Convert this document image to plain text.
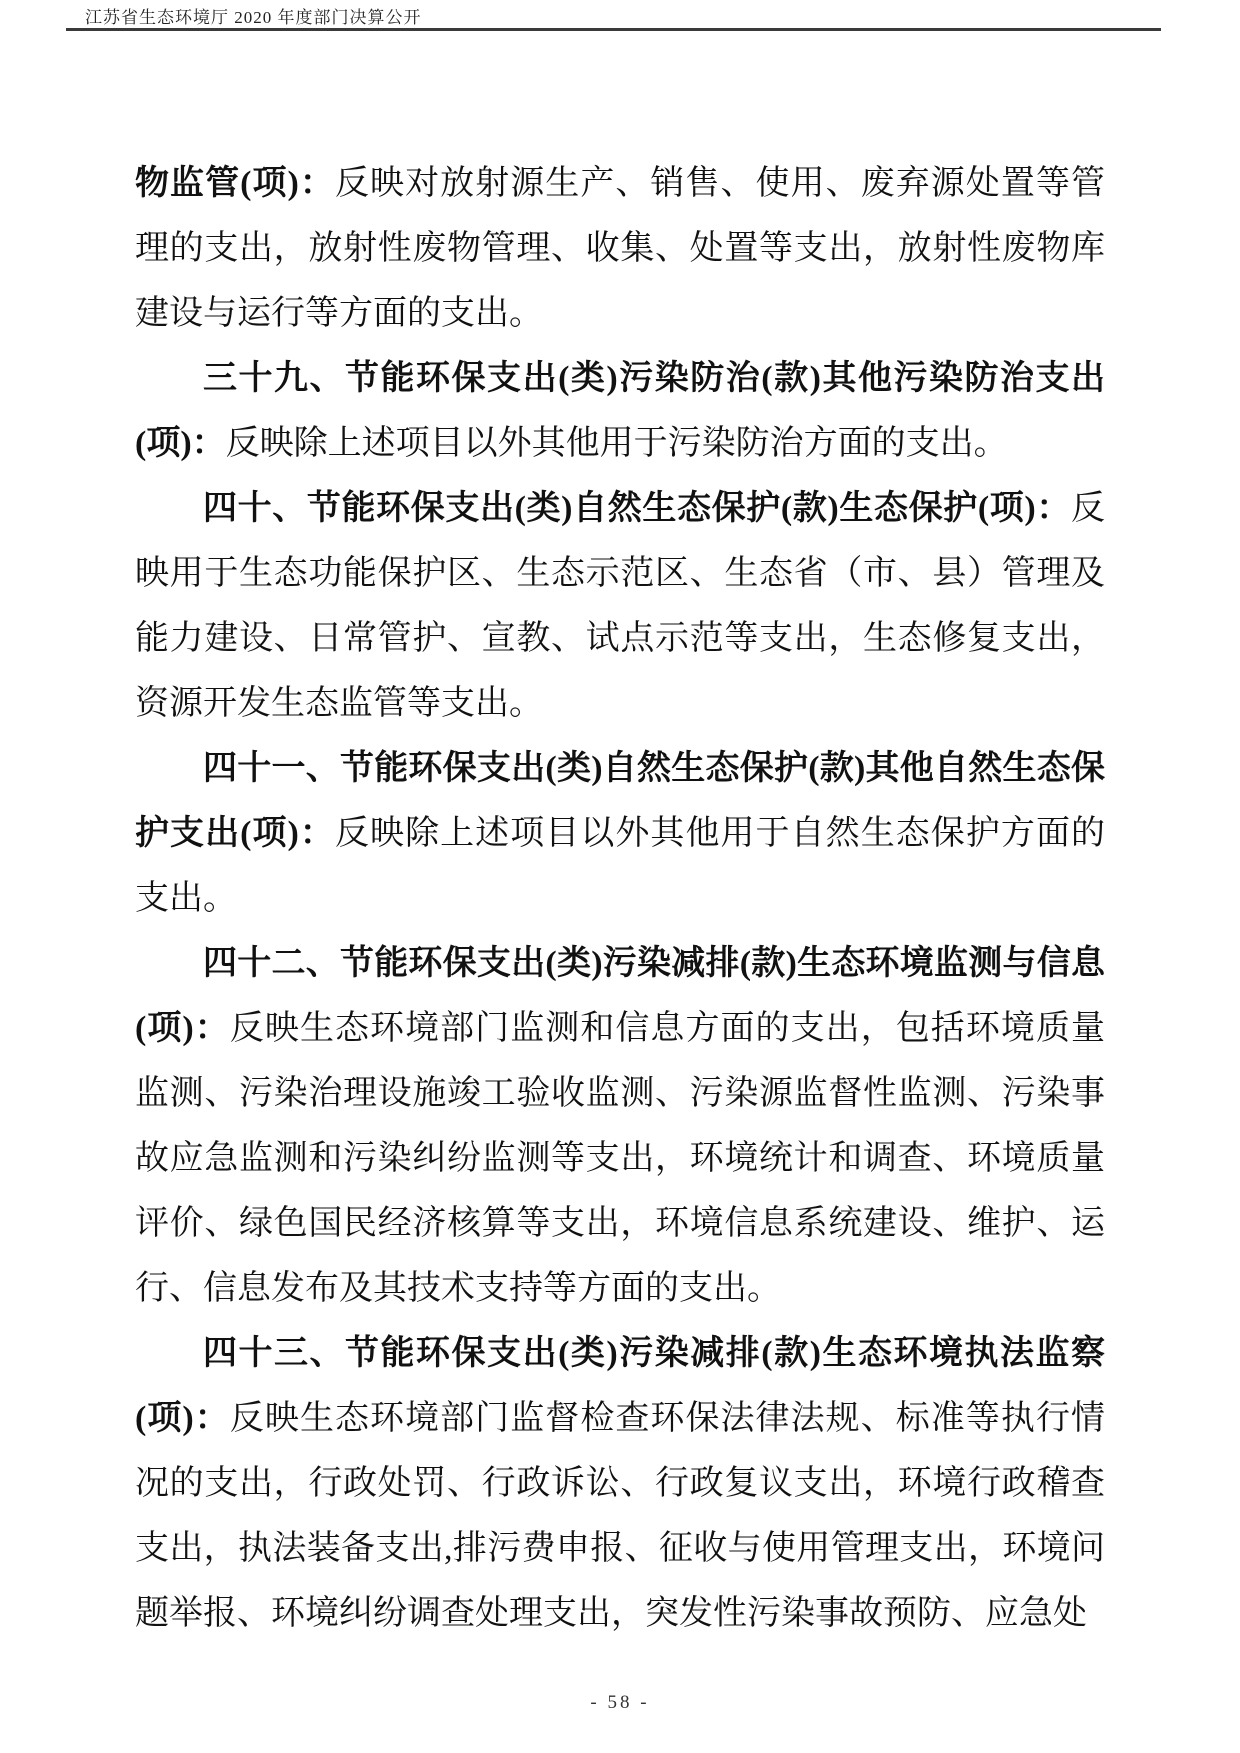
江苏省生态环境厅 2020 年度部门决算公开

物监管(项)：反映对放射源生产、销售、使用、废弃源处置等管理的支出，放射性废物管理、收集、处置等支出，放射性废物库建设与运行等方面的支出。

三十九、节能环保支出(类)污染防治(款)其他污染防治支出(项)：反映除上述项目以外其他用于污染防治方面的支出。

四十、节能环保支出(类)自然生态保护(款)生态保护(项)：反映用于生态功能保护区、生态示范区、生态省（市、县）管理及能力建设、日常管护、宣教、试点示范等支出，生态修复支出，资源开发生态监管等支出。

四十一、节能环保支出(类)自然生态保护(款)其他自然生态保护支出(项)：反映除上述项目以外其他用于自然生态保护方面的支出。

四十二、节能环保支出(类)污染减排(款)生态环境监测与信息(项)：反映生态环境部门监测和信息方面的支出，包括环境质量监测、污染治理设施竣工验收监测、污染源监督性监测、污染事故应急监测和污染纠纷监测等支出，环境统计和调查、环境质量评价、绿色国民经济核算等支出，环境信息系统建设、维护、运行、信息发布及其技术支持等方面的支出。

四十三、节能环保支出(类)污染减排(款)生态环境执法监察(项)：反映生态环境部门监督检查环保法律法规、标准等执行情况的支出，行政处罚、行政诉讼、行政复议支出，环境行政稽查支出，执法装备支出,排污费申报、征收与使用管理支出，环境问题举报、环境纠纷调查处理支出，突发性污染事故预防、应急处

- 58 -
